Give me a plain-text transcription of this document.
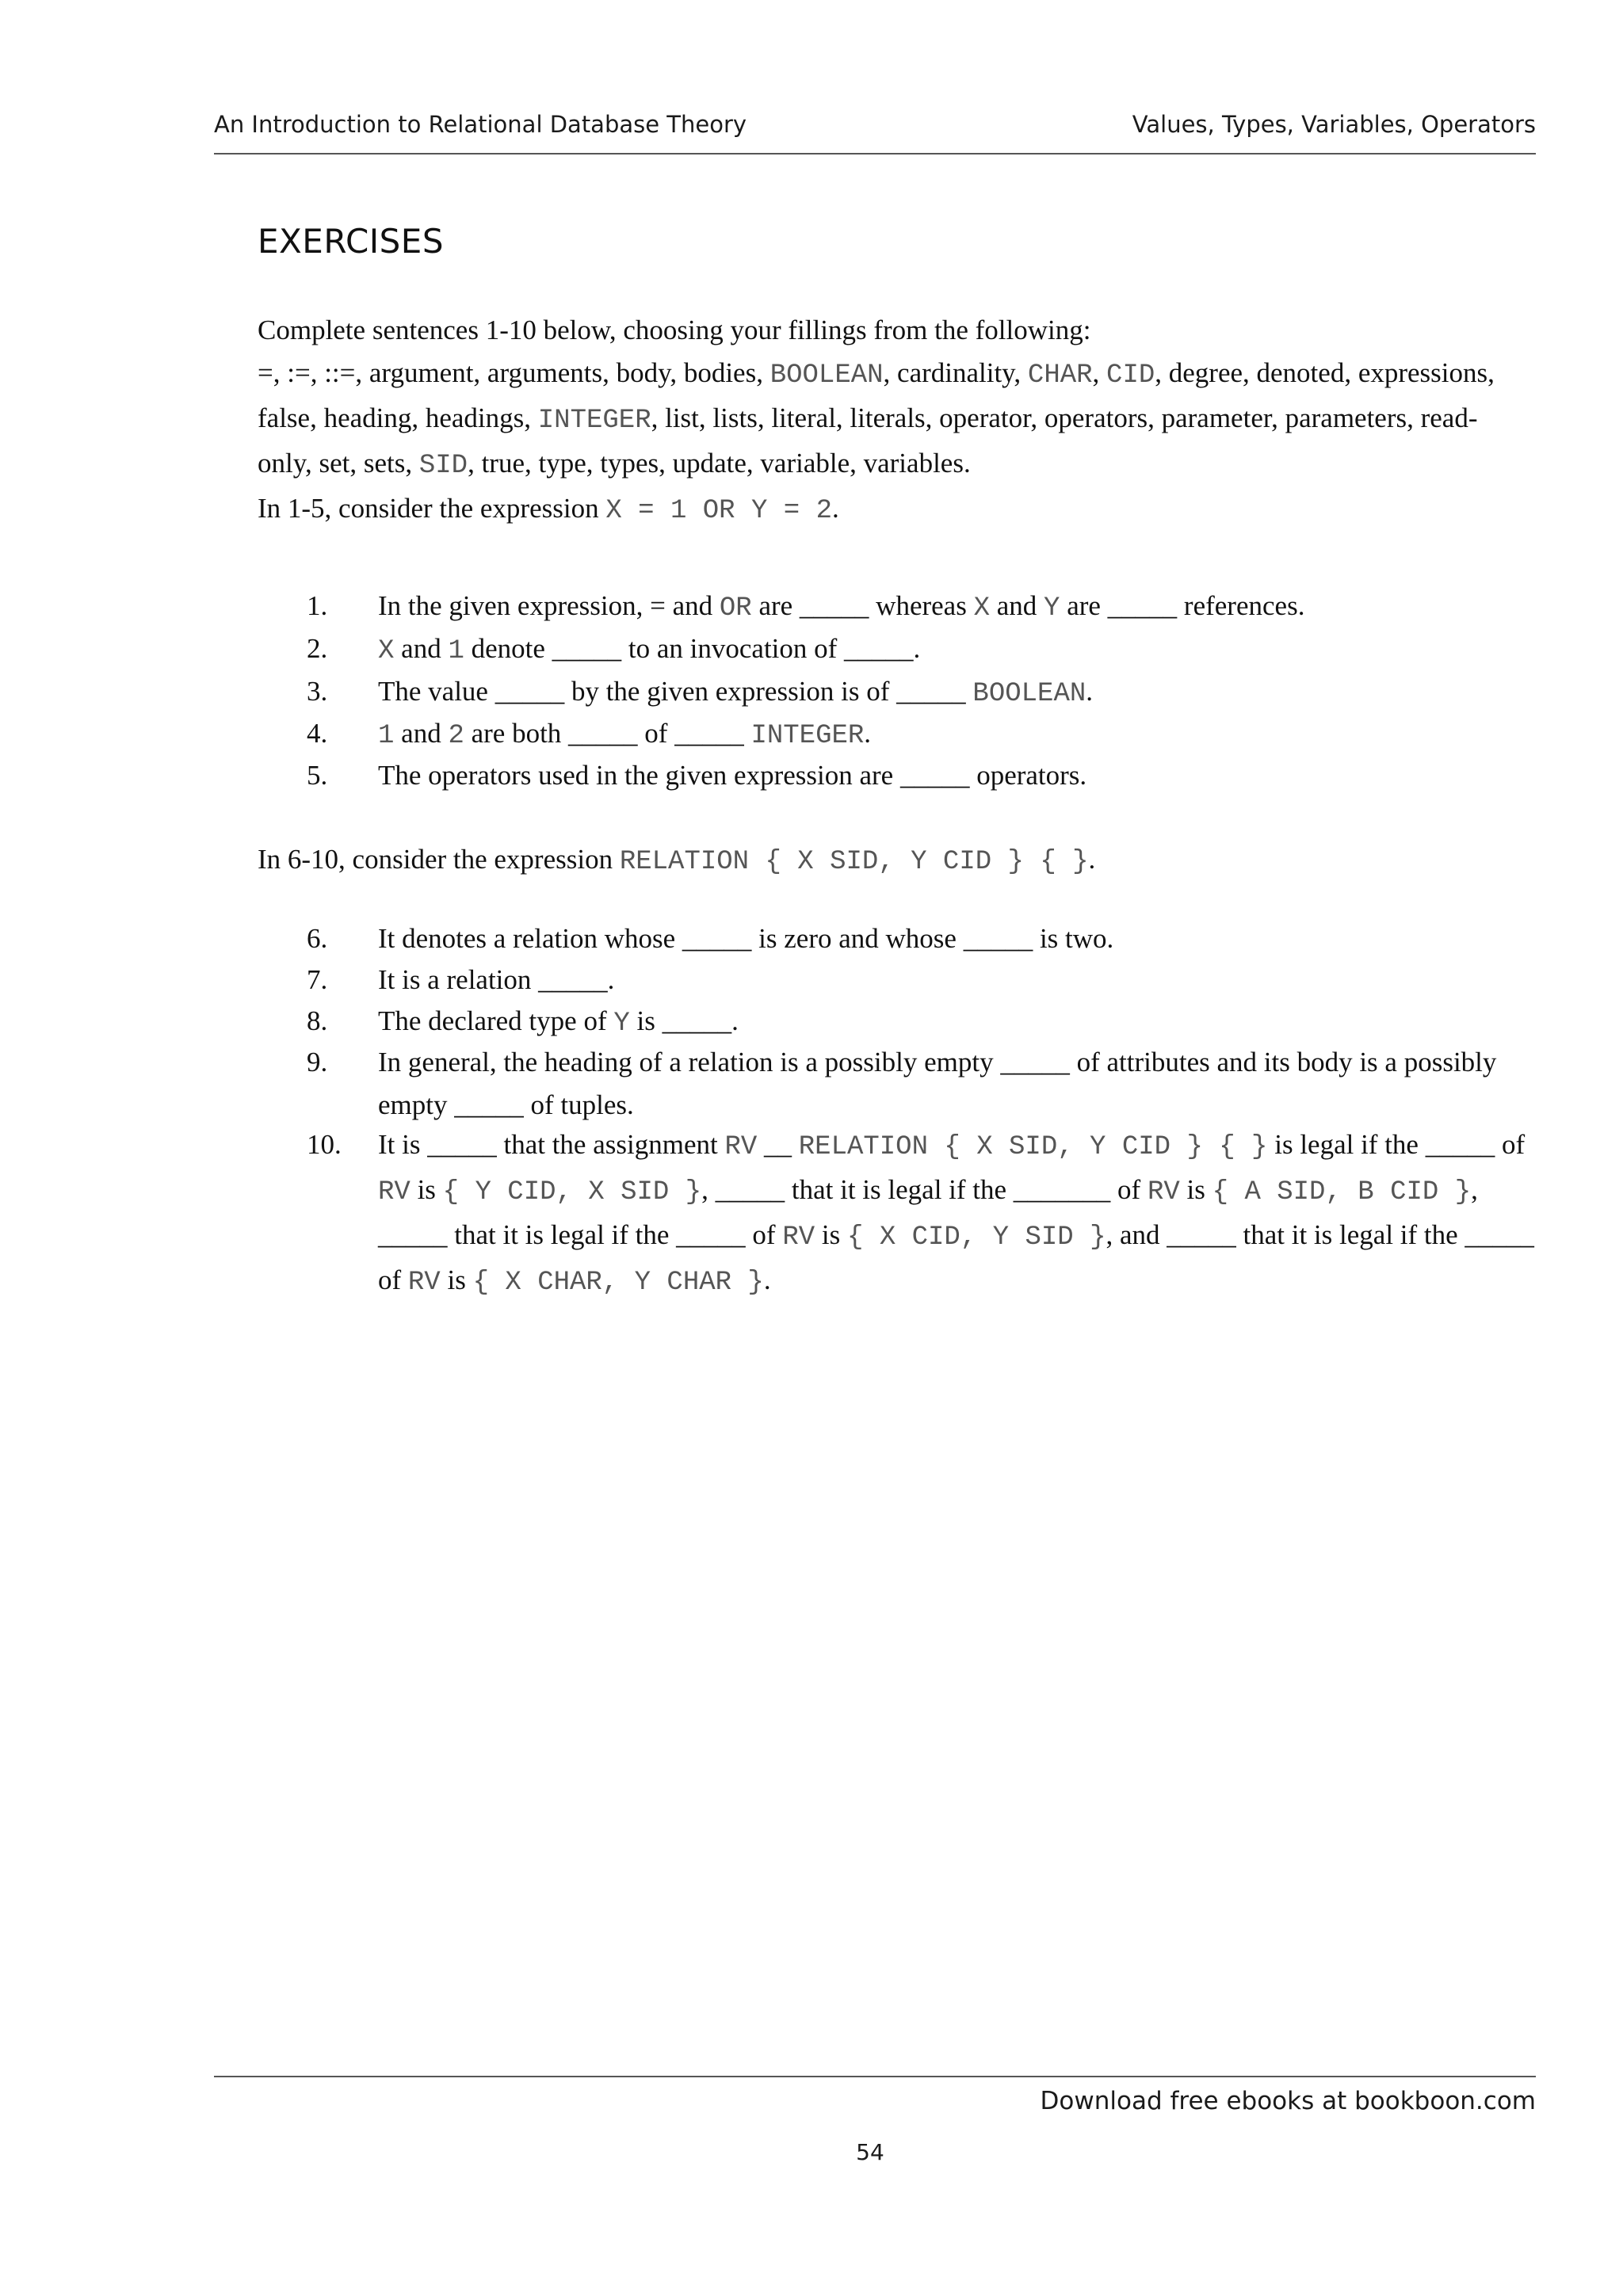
An Introduction to Relational Database Theory	Values, Types, Variables, Operators
EXERCISES
Complete sentences 1-10 below, choosing your fillings from the following:
=, :=, ::=, argument, arguments, body, bodies, BOOLEAN, cardinality, CHAR, CID, degree, denoted, expressions, false, heading, headings, INTEGER, list, lists, literal, literals, operator, operators, parameter, parameters, read-only, set, sets, SID, true, type, types, update, variable, variables.
In 1-5, consider the expression X = 1 OR Y = 2.
1. In the given expression, = and OR are _____ whereas X and Y are _____ references.
2. X and 1 denote _____ to an invocation of _____.
3. The value _____ by the given expression is of _____ BOOLEAN.
4. 1 and 2 are both _____ of _____ INTEGER.
5. The operators used in the given expression are _____ operators.
In 6-10, consider the expression RELATION { X SID, Y CID } { }.
6. It denotes a relation whose _____ is zero and whose _____ is two.
7. It is a relation _____.
8. The declared type of Y is _____.
9. In general, the heading of a relation is a possibly empty _____ of attributes and its body is a possibly empty _____ of tuples.
10. It is _____ that the assignment RV __ RELATION { X SID, Y CID } { } is legal if the _____ of RV is { Y CID, X SID }, _____ that it is legal if the _______ of RV is { A SID, B CID }, _____ that it is legal if the _____ of RV is { X CID, Y SID }, and _____ that it is legal if the _____ of RV is { X CHAR, Y CHAR }.
Download free ebooks at bookboon.com
54
